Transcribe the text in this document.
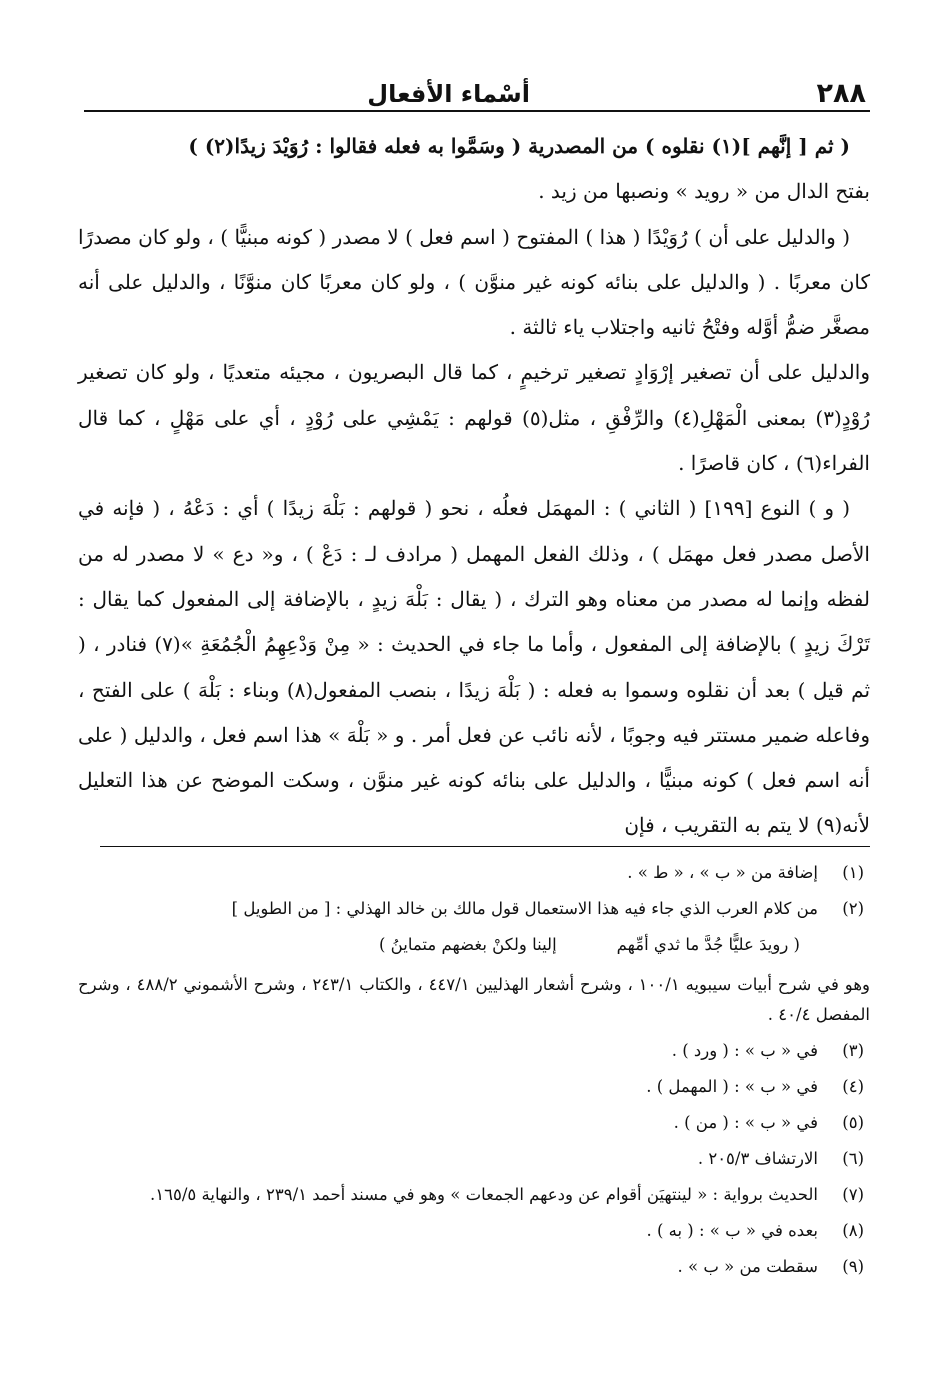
٢٨٨
أسْماء الأفعال

( ثم [ إنَّهم ](١) نقلوه ) من المصدرية ( وسَمَّوا به فعله فقالوا : رُوَيْدَ زيدًا(٢) )

بفتح الدال من « رويد » ونصبها من زيد .

( والدليل على أن ) رُوَيْدًا ( هذا ) المفتوح ( اسم فعل ) لا مصدر ( كونه مبنيًّا ) ، ولو كان مصدرًا كان معربًا . ( والدليل على بنائه كونه غير منوَّن ) ، ولو كان معربًا كان منوَّنًا ، والدليل على أنه مصغَّر ضمُّ أوَّله وفتْحُ ثانيه واجتلاب ياء ثالثة .

والدليل على أن تصغير إرْوَادٍ تصغير ترخيمٍ ، كما قال البصريون ، مجيئه متعديًا ، ولو كان تصغير رُوْدٍ(٣) بمعنى الْمَهْلِ(٤) والرِّفْقِ ، مثل(٥) قولهم : يَمْشِي على رُوْدٍ ، أي على مَهْلٍ ، كما قال الفراء(٦) ، كان قاصرًا .

( و ) النوع [١٩٩] ( الثاني ) : المهمَل فعلُه ، نحو ( قولهم : بَلْهَ زيدًا ) أي : دَعْهُ ، ( فإنه في الأصل مصدر فعل مهمَل ) ، وذلك الفعل المهمل ( مرادف لـ : دَعْ ) ، و« دع » لا مصدر له من لفظه وإنما له مصدر من معناه وهو الترك ، ( يقال : بَلْهَ زيدٍ ، بالإضافة إلى المفعول كما يقال : تَرْكَ زيدٍ ) بالإضافة إلى المفعول ، وأما ما جاء في الحديث : « مِنْ وَدْعِهِمُ الْجُمُعَةِ »(٧) فنادر ، ( ثم قيل ) بعد أن نقلوه وسموا به فعله : ( بَلْهَ زيدًا ، بنصب المفعول(٨) وبناء : بَلْهَ ) على الفتح ، وفاعله ضمير مستتر فيه وجوبًا ، لأنه نائب عن فعل أمر . و « بَلْهَ » هذا اسم فعل ، والدليل ( على أنه اسم فعل ) كونه مبنيًّا ، والدليل على بنائه كونه غير منوَّن ، وسكت الموضح عن هذا التعليل لأنه(٩) لا يتم به التقريب ، فإن

(١)
إضافة من « ب » ، « ط » .
(٢)
من كلام العرب الذي جاء فيه هذا الاستعمال قول مالك بن خالد الهذلي : [ من الطويل ]
( رويدَ عليًّا جُدَّ ما ثدي أمِّهم
إلينا ولكنْ بغضهم متماينُ )
وهو في شرح أبيات سيبويه ١٠٠/١ ، وشرح أشعار الهذليين ٤٤٧/١ ، والكتاب ٢٤٣/١ ، وشرح الأشموني ٤٨٨/٢ ، وشرح المفصل ٤٠/٤ .
(٣)
في « ب » : ( ورد ) .
(٤)
في « ب » : ( المهمل ) .
(٥)
في « ب » : ( من ) .
(٦)
الارتشاف ٢٠٥/٣ .
(٧)
الحديث برواية : « لينتهيَن أقوام عن ودعهم الجمعات » وهو في مسند أحمد ٢٣٩/١ ، والنهاية ١٦٥/٥.
(٨)
بعده في « ب » : ( به ) .
(٩)
سقطت من « ب » .
